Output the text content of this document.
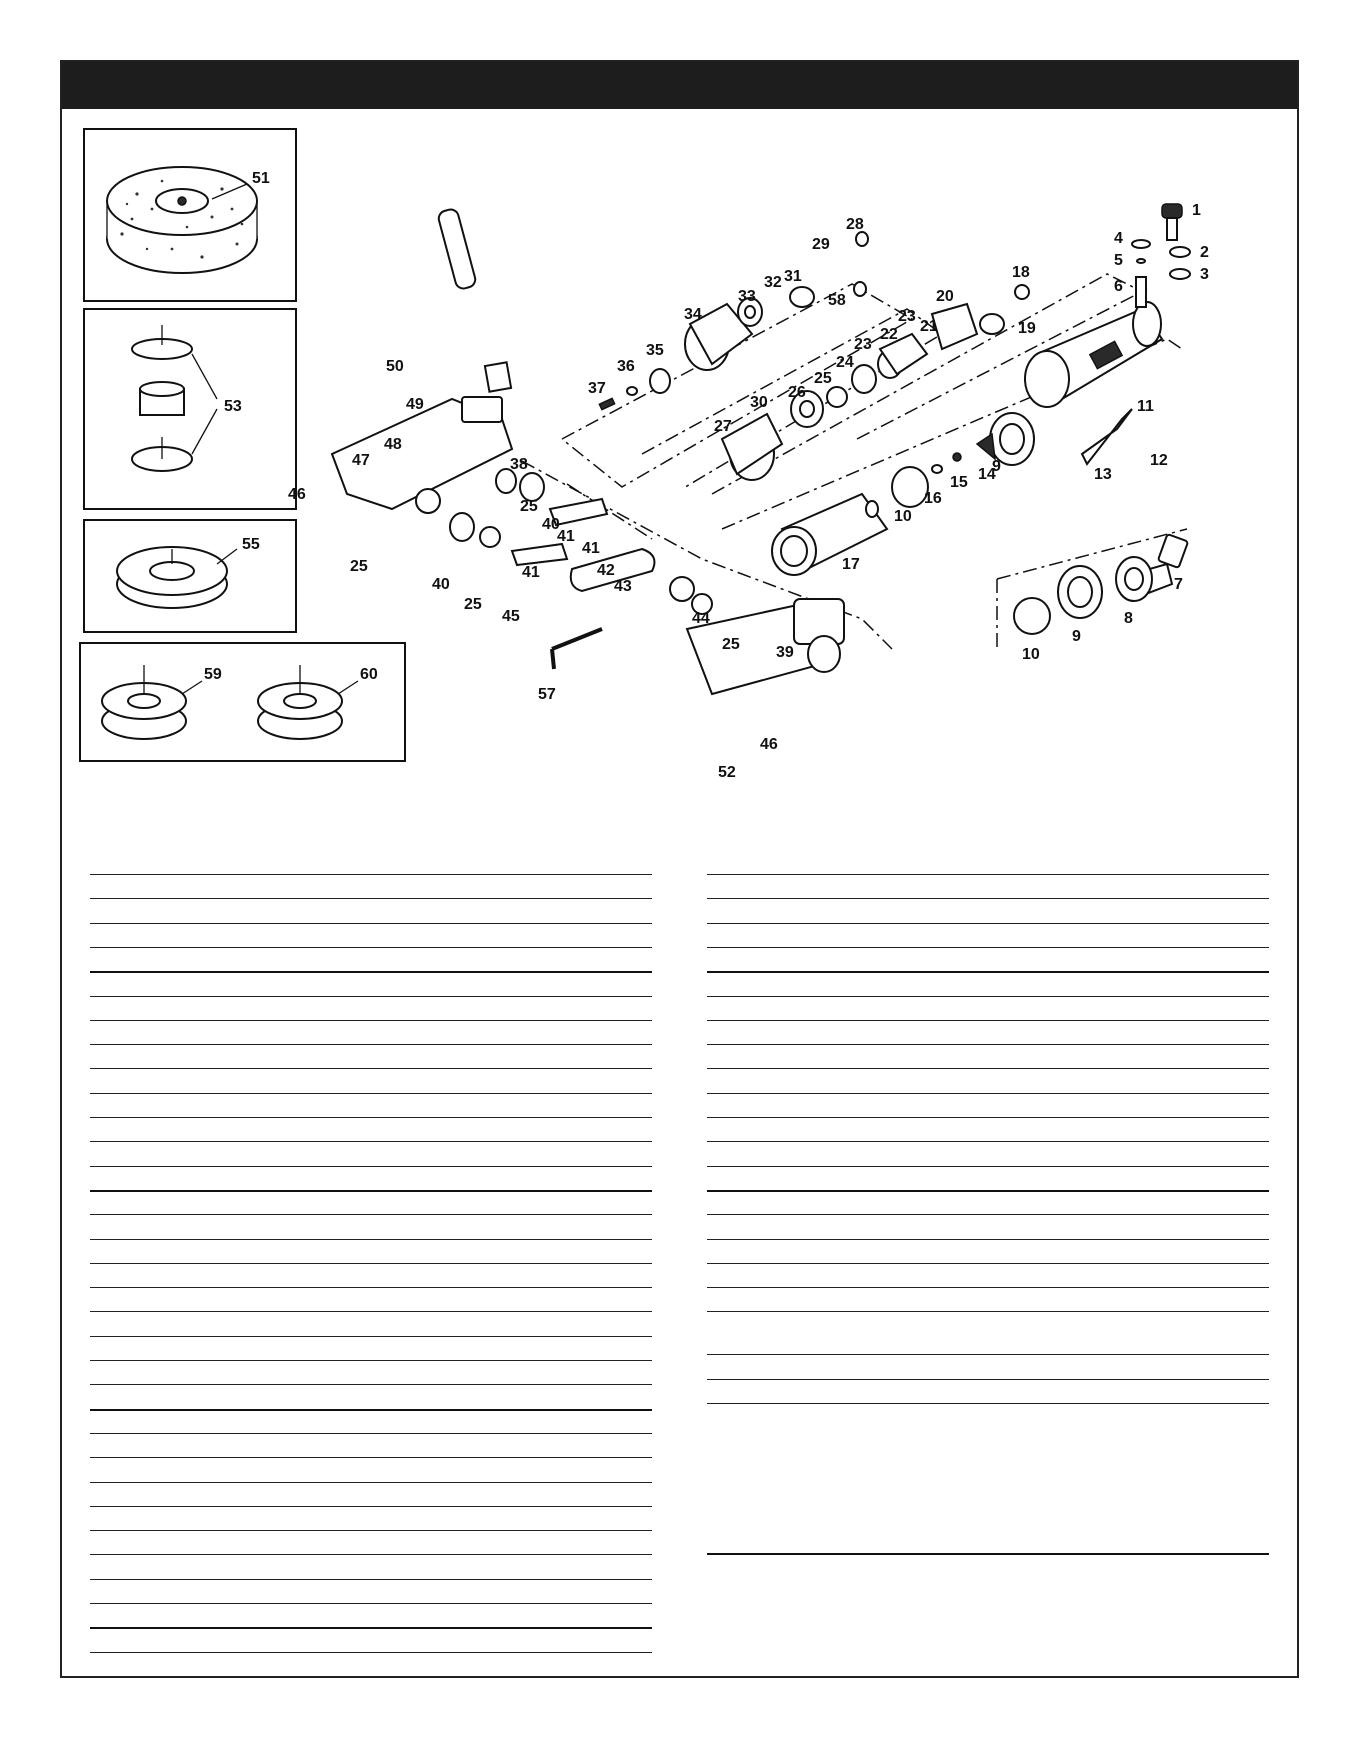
51
53
55
59	60
1
2
3
4
5
6
7
8
9
10
11
12
13
14
15
16
17
18
19
20
21
22
23
23
24
25
26
27
28
29
30
31
32
33
34
35
36
37
38
39
40
40
41
41
41	42
43
44
45
46
46
47
48
49
50
52
57
58
25
25
25
25
10
9
